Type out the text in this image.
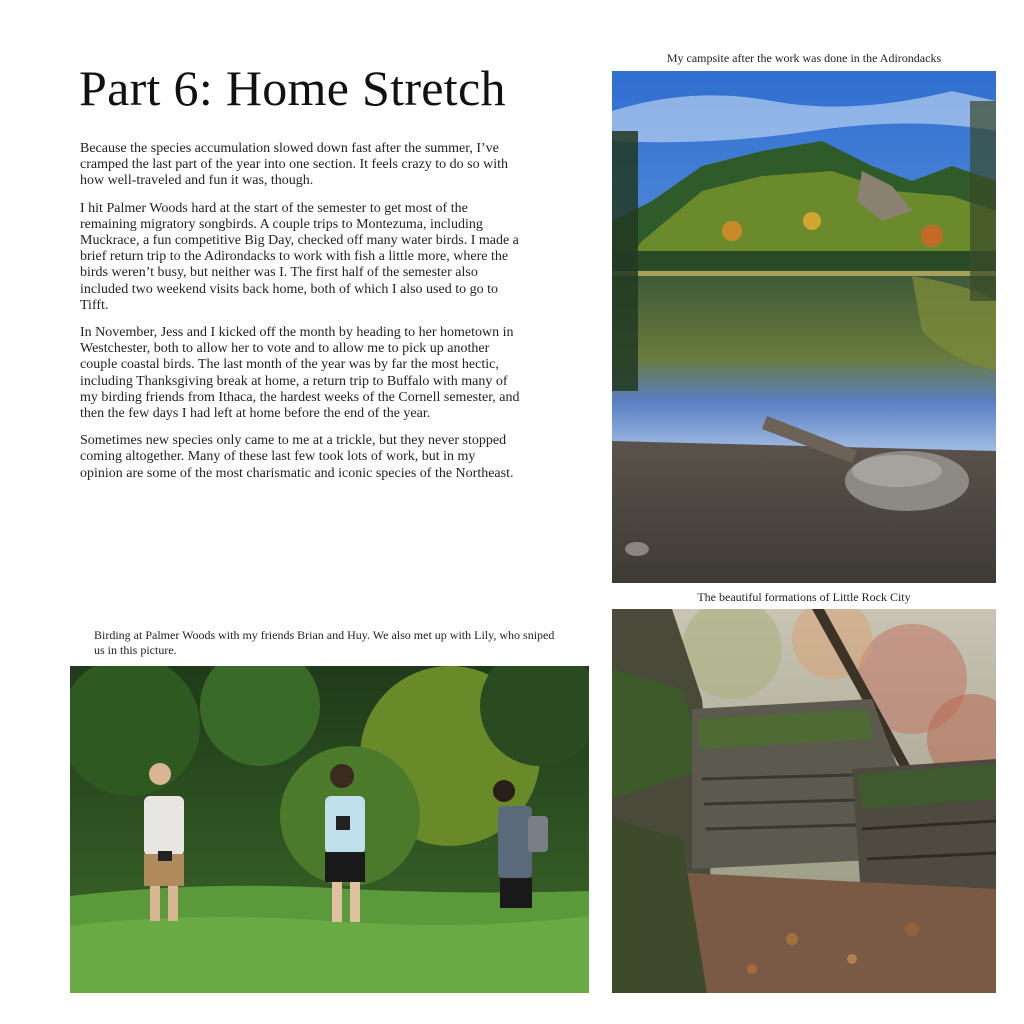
Part 6: Home Stretch

Because the species accumulation slowed down fast after the summer, I’ve cramped the last part of the year into one section. It feels crazy to do so with how well-traveled and fun it was, though.

I hit Palmer Woods hard at the start of the semester to get most of the remaining migratory songbirds. A couple trips to Montezuma, including Muckrace, a fun competitive Big Day, checked off many water birds. I made a brief return trip to the Adirondacks to work with fish a little more, where the birds weren’t busy, but neither was I. The first half of the semester also included two weekend visits back home, both of which I also used to go to Tifft.

In November, Jess and I kicked off the month by heading to her hometown in Westchester, both to allow her to vote and to allow me to pick up another couple coastal birds. The last month of the year was by far the most hectic, including Thanksgiving break at home, a return trip to Buffalo with many of my birding friends from Ithaca, the hardest weeks of the Cornell semester, and then the few days I had left at home before the end of the year.

Sometimes new species only came to me at a trickle, but they never stopped coming altogether. Many of these last few took lots of work, but in my opinion are some of the most charismatic and iconic species of the Northeast.

My campsite after the work was done in the Adirondacks
The beautiful formations of Little Rock City
Birding at Palmer Woods with my friends Brian and Huy. We also met up with Lily, who sniped us in this picture.
